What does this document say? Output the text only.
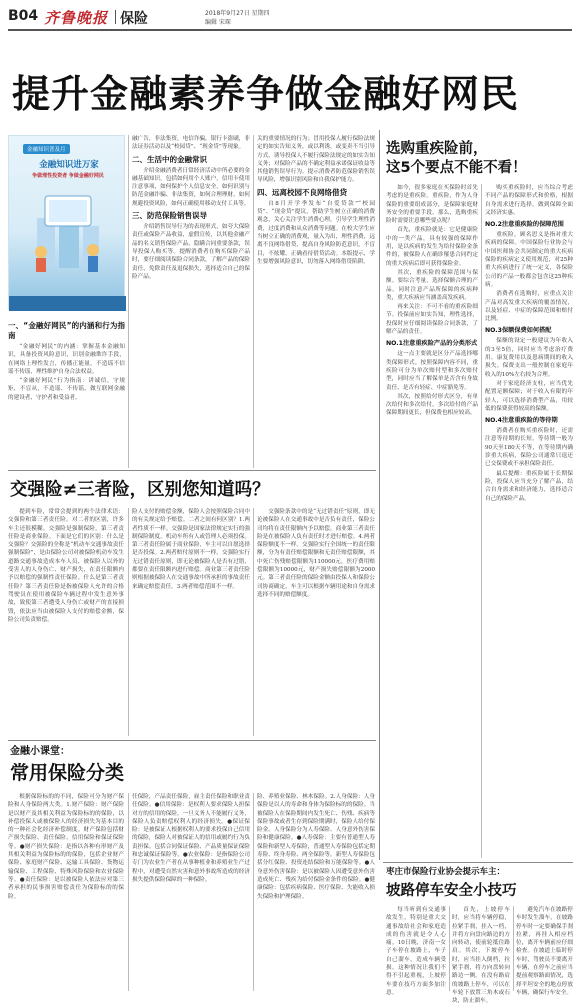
B04 齐鲁晚报 保险	2018年9月27日 星期四
编辑 宋琛
提升金融素养争做金融好网民
金融知识普及月
金融知识进万家
争做理性投资者 争做金融好网民
一、“金融好网民”的内涵和行为指南

“金融好网民”的内涵：掌握基本金融知识，具备投资风险意识，识别金融欺诈手段，在网络上理性发言，传播正能量，不造谣不信谣不传谣，理性维护自身合法权益。

“金融好网民”行为指南：讲诚信，守规矩，不盲从，不造谣、不传谣，做互联网金融的建设者、守护者和受益者。

融广告，非法集资，电信诈骗，银行卡盗刷，非法证券活动以及“校园贷”、“现金贷”等现象。

二、生活中的金融常识

介绍金融消费者日常经济活动中所必要的金融基础知识，包括如何用个人账户，信用卡使用注意事项，如何保护个人信息安全，如何识别与防范金融诈骗、非法集资，如何合理理财，如何规避投资风险，如何正确使用移动支付工具等。

三、防范保险销售误导

介绍销售误导行为的表现形式，如夸大保险责任或保险产品收益，虚假宣传，以其他金融产品的名义销售保险产品，隐瞒合同重要条款，误导投保人购买等。提醒消费者在购买保险产品时，要仔细阅读保险合同条款，了解产品的保险责任、免除责任及退保损失，选择适合自己的保险产品。

关的重要情况的行为；冒用投保人履行保险法规定的如实告知义务，或以利诱，或变卖不当引导方式，诱导投保人不履行保险法规定的如实告知义务；对保险产品的不确定利益承诺保证收益等其他销售误导行为。提示消费者防范保险销售误导风险，增强识别风险和自我保护能力。

四、远离校园不良网络借贷

自8月开学季发布“自爱贷款”“校园贷”、“现金贷”提议，帮助学生树立正确的消费观念，关心关注学生消费心理，引导学生理性消费，过度消费和从众消费等问题。在校大学生应当树立正确的消费观，量入为出，理性消费，远离不良网络借贷，提高自身风险防范意识，不盲目，不炫耀，正确看待借贷活动。本版提示，学生要增强风险意识，切勿落入网络借贷陷阱。

选购重疾险前，
这5个要点不能不看！

如今，很多家庭在买保险时首先考虑的是重疾险。重疾险，作为人身保险的重要组成部分，是保障家庭财务安全的重要手段。那么，选购重疾险时需要注意哪些要点呢？

首先，重疾险就是：它是健康险中的一类产品，具有较强的保障作用，是以疾病的发生为给付保险金条件的，被保险人在确诊罹患合同约定的重大疾病后即可获得保险金。

其次，重疾险的保障范围与保额。要综合考量，选择保额合理的产品，同时注意产品所保障的疾病种类，重大疾病应当涵盖高发疾病。

再来关注：不可不看的重疾险细节。投保前应如实告知，理性选择，投保时应仔细阅读保险合同条款，了解产品的责任。

NO.1注意重疾险产品的分类形式

这一点主要就是区分产品选择哪类保障形式。按照保障内容不同，重疾险可分为单次赔付型和多次赔付型，同时应当了解保单是否含有身故责任、是否有轻症、中症豁免等。

其次，按照给付形式区分，有单次给付和多次给付。多次给付的产品保障期间更长，但保费也相应较高。

购买重疾险时，应当综合考虑不同产品的保障形式和价格，根据自身需求进行选择，做到保障全面又经济实惠。

NO.2注意重疾险的保障范围

重疾险，顾名思义是指对重大疾病的保障。中国保险行业协会与中国医师协会共同制定的重大疾病保险的疾病定义使用规范，对25种重大疾病进行了统一定义，各保险公司的产品一般都会包含这25种疾病。

消费者在选购时，应重点关注产品对高发重大疾病的覆盖情况，以及轻症、中症的保障范围和赔付比例。

NO.3保额保费如何搭配

保额的设定一般建议为年收入的3至5倍，同时应当考虑治疗费用、康复费用以及患病期间的收入损失。保费支出一般控制在家庭年收入的10%左右较为合理。

对于家庭经济支柱，应当优先配置足额保障；对于收入有限的年轻人，可以选择消费型产品，用较低的保费获得较高的保额。

NO.4注意重疾险的等待期

消费者在购买重疾险时，还需注意等待期的长短。等待期一般为90天至180天不等，在等待期内确诊重大疾病，保险公司通常只退还已交保费或不承担保险责任。

最后提醒：重疾险属于长期保险，投保人应当充分了解产品，结合自身需求和经济能力，选择适合自己的保险产品。

交强险≠三者险，区别您知道吗？

提到车险，常常会提到的两个法律术语：交强险和第三者责任险。对二者的区别，许多车主还很模糊。交强险是强制保险，第三者责任险是商业保险。下面是它们的区别：什么是交强险？交强险的全称是“机动车交通事故责任强制保险”，是由保险公司对被保险机动车发生道路交通事故造成本车人员、被保险人以外的受害人的人身伤亡、财产损失，在责任限额内予以赔偿的强制性责任保险。什么是第三者责任险？第三者责任险是指被保险人允许的合格驾驶员在使用被保险车辆过程中发生意外事故，致使第三者遭受人身伤亡或财产的直接损毁，依法应当由被保险人支付的赔偿金额，保险公司负责赔偿。

险人支付的赔偿金额，保险人会按照保险合同中的有关规定给予赔偿。二者之间有何区别？1.两者性质不一样。交强险是国家法律规定实行的强制保险制度，机动车所有人或管理人必须投保。第三者责任险属于商业保险，车主可以自愿选择是否投保。2.两者赔付原则不一样。交强险实行无过错责任原则，即无论被保险人是否有过错，都要在责任限额内进行赔偿。商业第三者责任险则根据被保险人在交通事故中所承担的事故责任来确定赔偿责任。3.两者赔偿范围不一样。

交强险条款中的是“无过错责任”原则，即无论被保险人在交通事故中是否负有责任，保险公司均将在责任限额内予以赔偿。商业第三者责任险是在被保险人负有责任时才进行赔偿。4.两者保险额度不一样。交强险实行全国统一的责任限额，分为有责任赔偿限额和无责任赔偿限额，其中死亡伤残赔偿限额为110000元，医疗费用赔偿限额为10000元，财产损失赔偿限额为2000元。第三者责任险的保险金额由投保人和保险公司协商确定，车主可以根据车辆用途和自身需求选择不同的赔偿额度。

金融小课堂：
常用保险分类

根据保险标的的不同，保险可分为财产保险和人身保险两大类。1.财产保险：财产保险是以财产及其相关利益为保险标的的保险，以补偿投保人或被保险人的经济损失为基本目的的一种社会化经济补偿制度。财产保险包括财产损失保险、责任保险、信用保险和保证保险等。●财产损失保险：是指以各种有形财产及其相关利益为保险标的的保险，包括企业财产保险、家庭财产保险、运输工具保险、货物运输保险、工程保险、特殊风险保险和农业保险等。●责任保险：是以被保险人依法应对第三者承担的民事损害赔偿责任为保险标的的保险。

任保险，产品责任保险，雇主责任保险和职业责任保险。●信用保险：是权利人要求保险人担保对方的信用的保险，一旦义务人不能履行义务，保险人负责赔偿权利人的经济损失。●保证保险：是被保证人根据权利人的要求投保自己信用的保险，保险人对被保证人的信用或履约行为负责担保。包括合同保证保险、产品质量保证保险和忠诚保证保险等。●农业保险：是指保险公司专门为农业生产者在从事种植业和养殖业生产过程中，对遭受自然灾害和意外事故所造成的经济损失提供保险保障的一种保险。

险、养殖业保险、林木保险。2.人身保险：人身保险是以人的寿命和身体为保险标的的保险。当被保险人在保险期间内发生死亡、伤残、疾病等保险事故或者生存到保险期满时，保险人给付保险金。人身保险分为人寿保险、人身意外伤害保险和健康保险。●人寿保险：主要有普通型人寿保险和新型人寿保险，普通型人寿保险包括定期寿险、终身寿险、两全保险等，新型人寿保险包括分红保险、投资连结保险和万能保险等。●人身意外伤害保险：是以被保险人因遭受意外伤害造成死亡、残疾为给付保险金条件的保险。●健康保险：包括疾病保险、医疗保险、失能收入损失保险和护理保险。

枣庄市保险行业协会提示车主：
坡路停车安全小技巧

每当听到有交通事故发生，特别是重大交通事故给社会和家庭造成的伤害就是令人心痛。10日晚，济南一女子车停在坡路上，车子自己溜车，造成车辆受损。这种情况让我们不得不引起重视，上坡停车要在技巧方面多加注意。

首先，上坡停车时，应当将车辆停稳，拉紧手刹，挂入一档，并将方向盘向路边的方向转动，使前轮抵住路肩。其次，下坡停车时，应当挂入倒档，拉紧手刹，将方向盘转向路边一侧。在没有路肩的坡路上停车，可以在车轮下放置三角木或石块，防止溜车。

避免汽车在坡路停车时发生溜车，在坡路停车时一定要确保手刹拉紧，再挂入相应档位，离开车辆前应仔细检查。在坡道上临时停车时，驾驶员不要离开车辆，在停车之前应当提前观察路面情况，选择平坦安全的地点停放车辆，确保行车安全。
